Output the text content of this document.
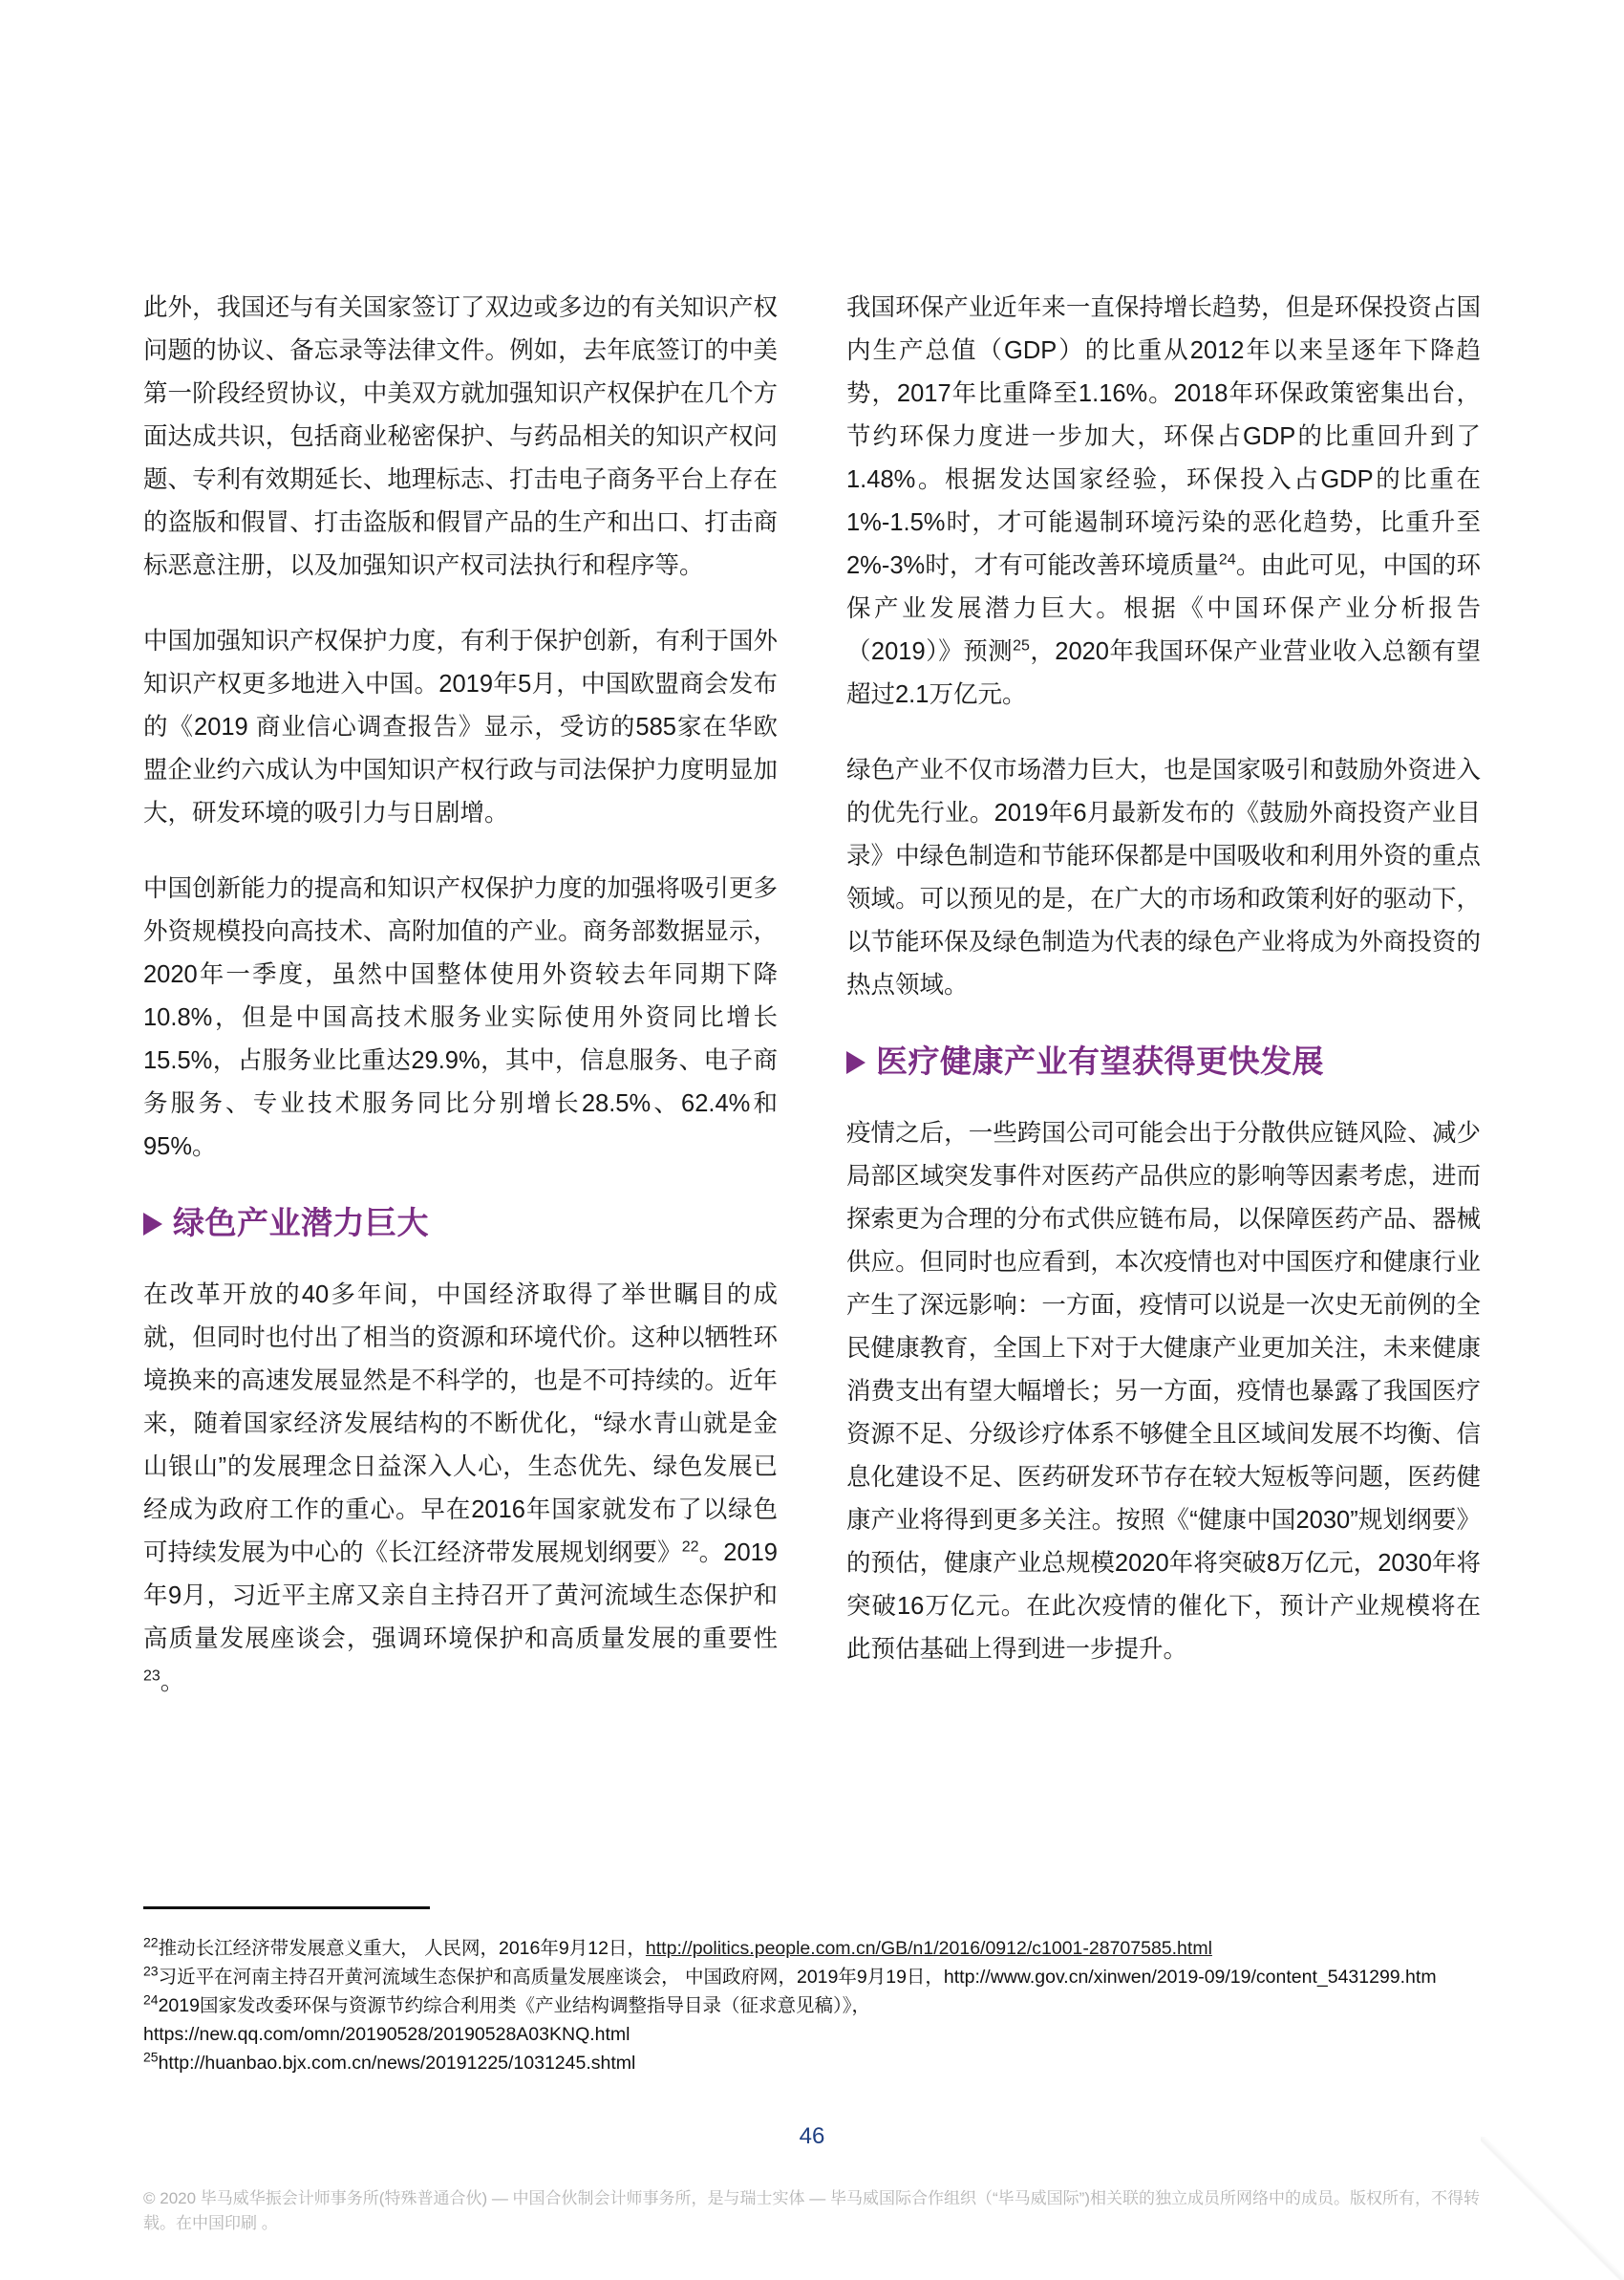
此外，我国还与有关国家签订了双边或多边的有关知识产权问题的协议、备忘录等法律文件。例如，去年底签订的中美第一阶段经贸协议，中美双方就加强知识产权保护在几个方面达成共识，包括商业秘密保护、与药品相关的知识产权问题、专利有效期延长、地理标志、打击电子商务平台上存在的盗版和假冒、打击盗版和假冒产品的生产和出口、打击商标恶意注册，以及加强知识产权司法执行和程序等。

中国加强知识产权保护力度，有利于保护创新，有利于国外知识产权更多地进入中国。2019年5月，中国欧盟商会发布的《2019 商业信心调查报告》显示，受访的585家在华欧盟企业约六成认为中国知识产权行政与司法保护力度明显加大，研发环境的吸引力与日剧增。

中国创新能力的提高和知识产权保护力度的加强将吸引更多外资规模投向高技术、高附加值的产业。商务部数据显示，2020年一季度，虽然中国整体使用外资较去年同期下降10.8%，但是中国高技术服务业实际使用外资同比增长15.5%，占服务业比重达29.9%，其中，信息服务、电子商务服务、专业技术服务同比分别增长28.5%、62.4%和95%。

绿色产业潜力巨大

在改革开放的40多年间，中国经济取得了举世瞩目的成就，但同时也付出了相当的资源和环境代价。这种以牺牲环境换来的高速发展显然是不科学的，也是不可持续的。近年来，随着国家经济发展结构的不断优化，“绿水青山就是金山银山”的发展理念日益深入人心，生态优先、绿色发展已经成为政府工作的重心。早在2016年国家就发布了以绿色可持续发展为中心的《长江经济带发展规划纲要》$^{22}$。2019年9月，习近平主席又亲自主持召开了黄河流域生态保护和高质量发展座谈会，强调环境保护和高质量发展的重要性$^{23}$。

我国环保产业近年来一直保持增长趋势，但是环保投资占国内生产总值（GDP）的比重从2012年以来呈逐年下降趋势，2017年比重降至1.16%。2018年环保政策密集出台，节约环保力度进一步加大，环保占GDP的比重回升到了1.48%。根据发达国家经验，环保投入占GDP的比重在1%-1.5%时，才可能遏制环境污染的恶化趋势，比重升至2%-3%时，才有可能改善环境质量$^{24}$。由此可见，中国的环保产业发展潜力巨大。根据《中国环保产业分析报告（2019）》预测$^{25}$，2020年我国环保产业营业收入总额有望超过2.1万亿元。

绿色产业不仅市场潜力巨大，也是国家吸引和鼓励外资进入的优先行业。2019年6月最新发布的《鼓励外商投资产业目录》中绿色制造和节能环保都是中国吸收和利用外资的重点领域。可以预见的是，在广大的市场和政策利好的驱动下，以节能环保及绿色制造为代表的绿色产业将成为外商投资的热点领域。

医疗健康产业有望获得更快发展

疫情之后，一些跨国公司可能会出于分散供应链风险、减少局部区域突发事件对医药产品供应的影响等因素考虑，进而探索更为合理的分布式供应链布局，以保障医药产品、器械供应。但同时也应看到，本次疫情也对中国医疗和健康行业产生了深远影响：一方面，疫情可以说是一次史无前例的全民健康教育，全国上下对于大健康产业更加关注，未来健康消费支出有望大幅增长；另一方面，疫情也暴露了我国医疗资源不足、分级诊疗体系不够健全且区域间发展不均衡、信息化建设不足、医药研发环节存在较大短板等问题，医药健康产业将得到更多关注。按照《“健康中国2030”规划纲要》的预估，健康产业总规模2020年将突破8万亿元，2030年将突破16万亿元。在此次疫情的催化下，预计产业规模将在此预估基础上得到进一步提升。

$^{22}$推动长江经济带发展意义重大， 人民网，2016年9月12日，http://politics.people.com.cn/GB/n1/2016/0912/c1001-28707585.html

$^{23}$习近平在河南主持召开黄河流域生态保护和高质量发展座谈会， 中国政府网，2019年9月19日，http://www.gov.cn/xinwen/2019-09/19/content_5431299.htm

$^{24}$2019国家发改委环保与资源节约综合利用类《产业结构调整指导目录（征求意见稿）》，
https://new.qq.com/omn/20190528/20190528A03KNQ.html

$^{25}$http://huanbao.bjx.com.cn/news/20191225/1031245.shtml

46

© 2020 毕马威华振会计师事务所(特殊普通合伙) — 中国合伙制会计师事务所，是与瑞士实体 — 毕马威国际合作组织（“毕马威国际”)相关联的独立成员所网络中的成员。版权所有，不得转载。在中国印刷 。
